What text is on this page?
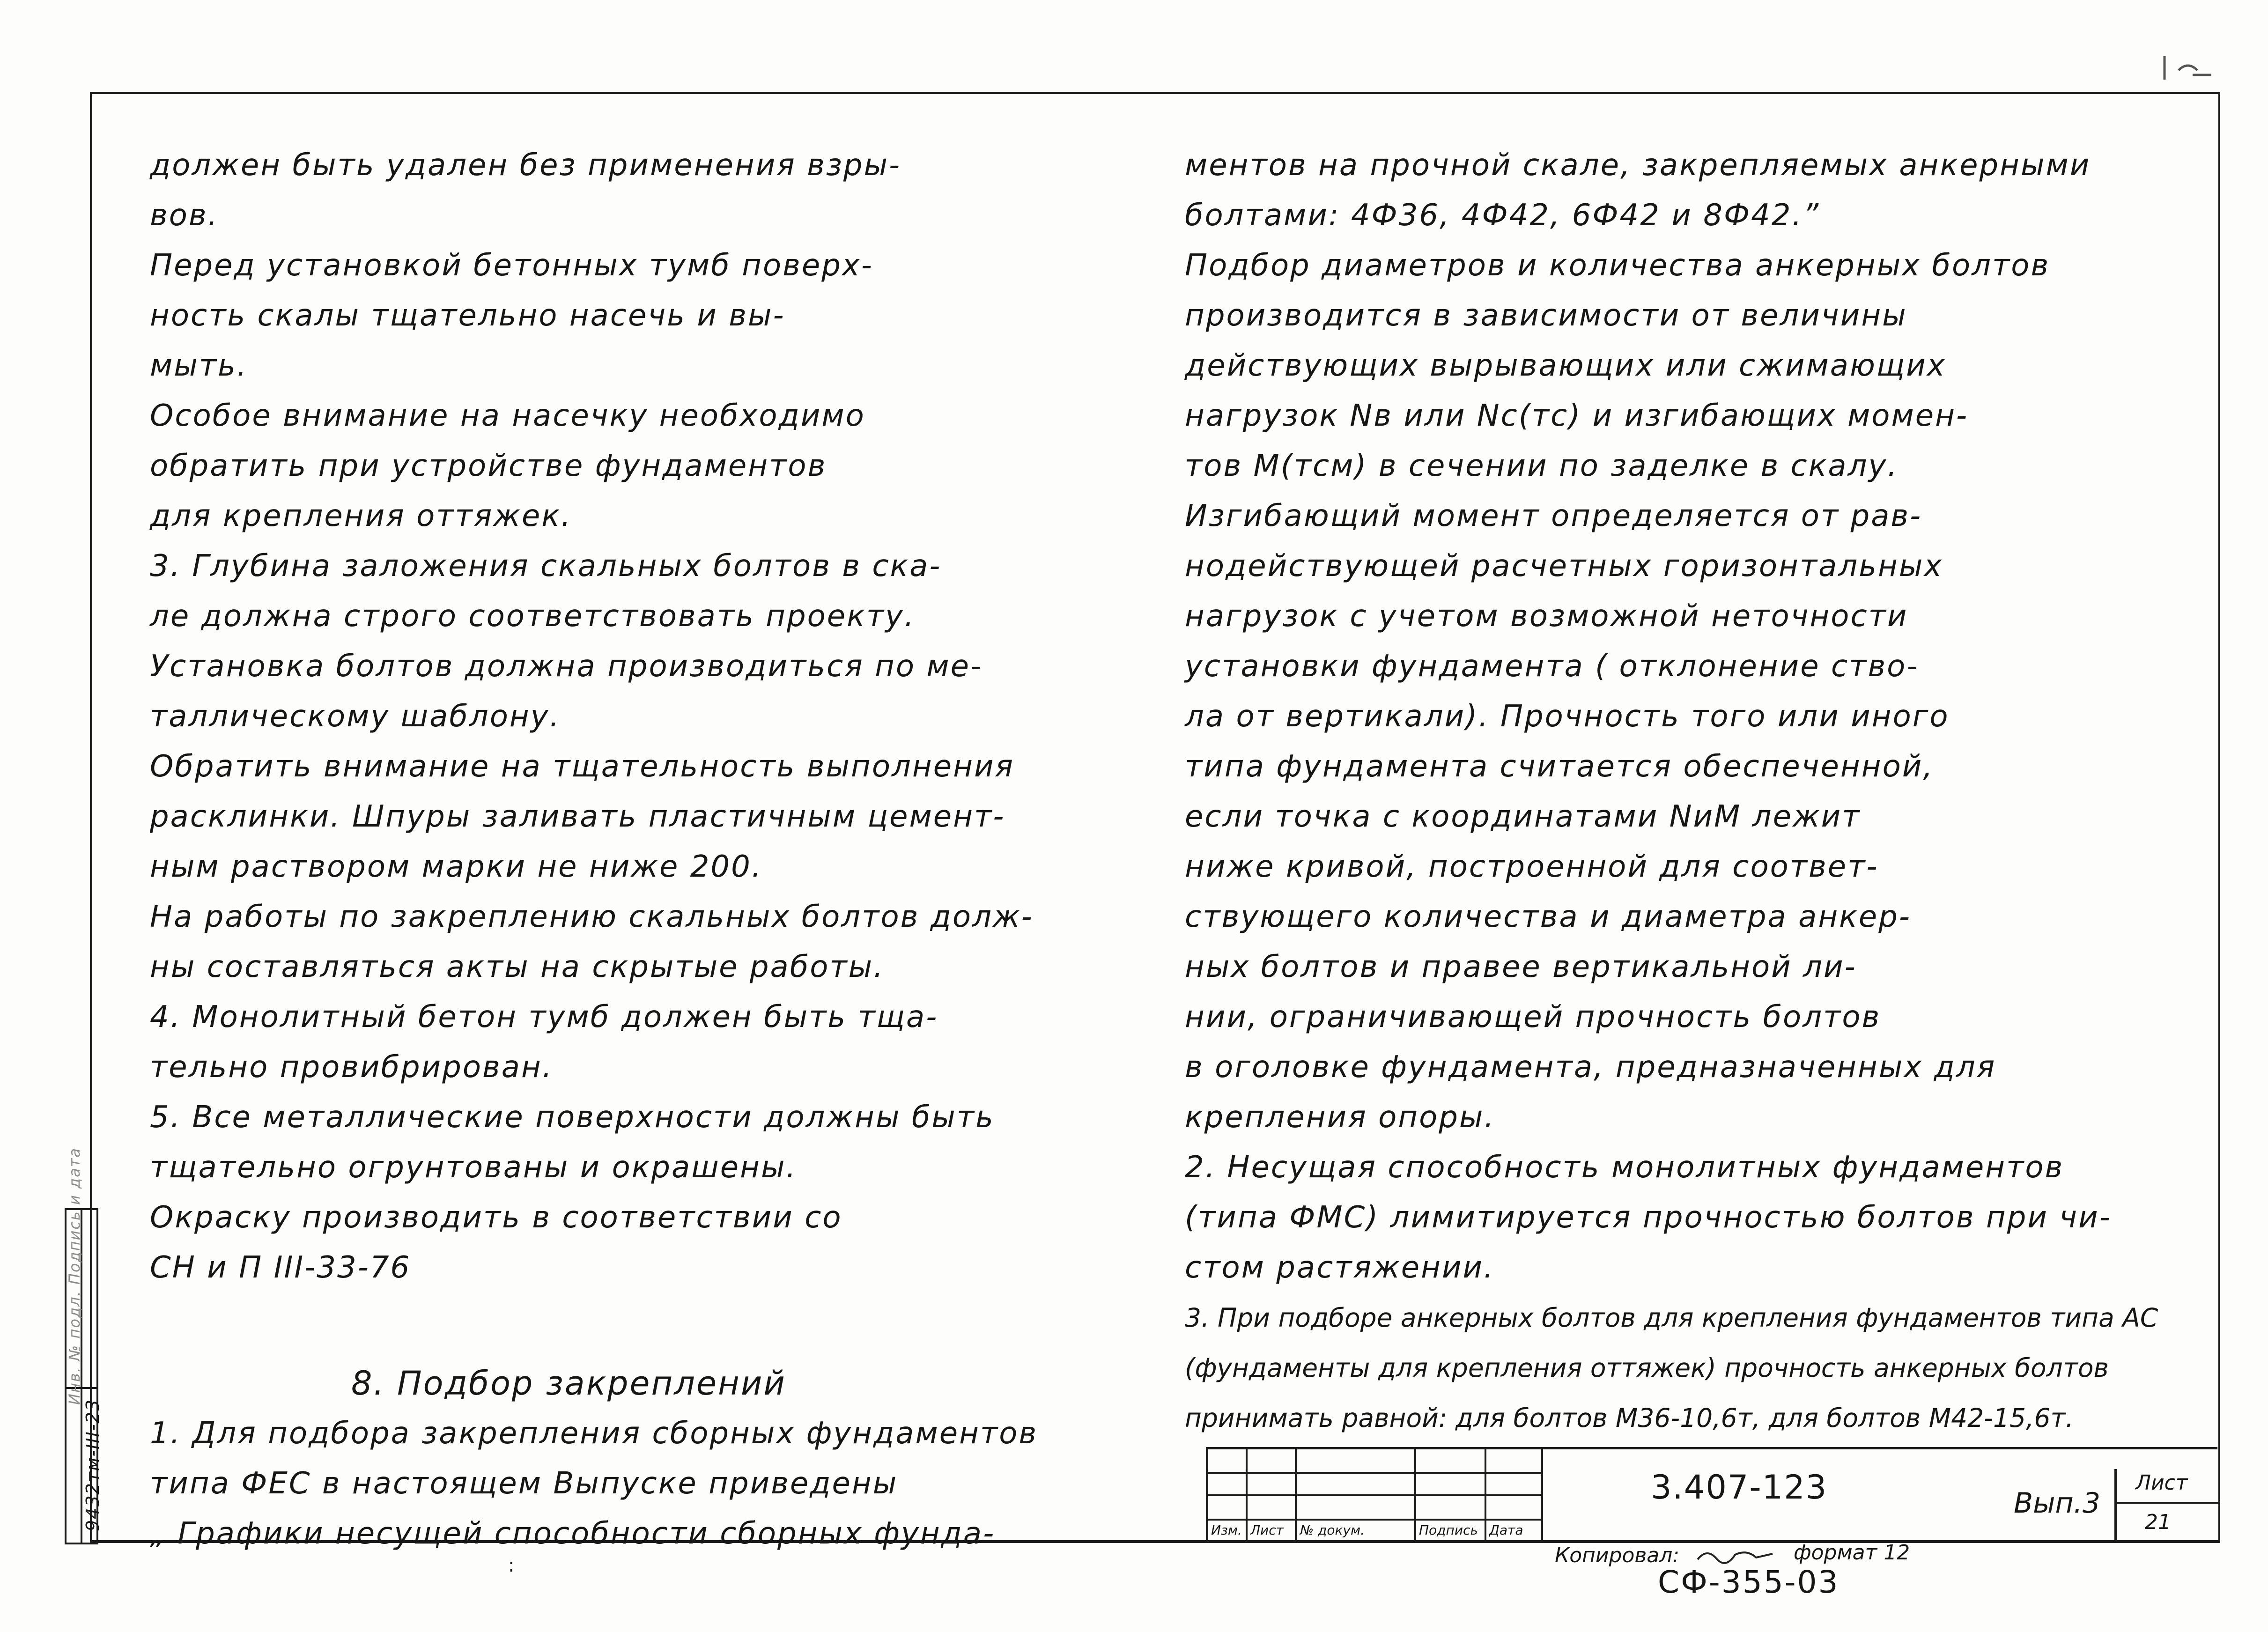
должен быть удален без применения взры-
вов.
Перед установкой бетонных тумб поверх-
ность скалы тщательно насечь и вы-
мыть.
Особое внимание на насечку необходимо
обратить при устройстве фундаментов
для крепления оттяжек.
3. Глубина заложения скальных болтов в ска-
ле должна строго соответствовать проекту.
Установка болтов должна производиться по ме-
таллическому шаблону.
Обратить внимание на тщательность выполнения
расклинки. Шпуры заливать пластичным цемент-
ным раствором марки не ниже 200.
На работы по закреплению скальных болтов долж-
ны составляться акты на скрытые работы.
4. Монолитный бетон тумб должен быть тща-
тельно провибрирован.
5. Все металлические поверхности должны быть
тщательно огрунтованы и окрашены.
Окраску производить в соответствии со
СН и П III-33-76
8. Подбор закреплений
1. Для подбора закрепления сборных фундаментов
типа ФЕС в настоящем Выпуске приведены
„ Графики несущей способности сборных фунда-
ментов на прочной скале, закрепляемых анкерными
болтами: 4Ф36, 4Ф42, 6Ф42 и 8Ф42.”
Подбор диаметров и количества анкерных болтов
производится в зависимости от величины
действующих вырывающих или сжимающих
нагрузок Nв или Nс(тс) и изгибающих момен-
тов М(тсм) в сечении по заделке в скалу.
Изгибающий момент определяется от рав-
нодействующей расчетных горизонтальных
нагрузок с учетом возможной неточности
установки фундамента ( отклонение ство-
ла от вертикали). Прочность того или иного
типа фундамента считается обеспеченной,
если точка с координатами NиМ лежит
ниже кривой, построенной для соответ-
ствующего количества и диаметра анкер-
ных болтов и правее вертикальной ли-
нии, ограничивающей прочность болтов
в оголовке фундамента, предназначенных для
крепления опоры.
2. Несущая способность монолитных фундаментов
(типа ФМС) лимитируется прочностью болтов при чи-
стом растяжении.
3. При подборе анкерных болтов для крепления фундаментов типа АС
(фундаменты для крепления оттяжек) прочность анкерных болтов
принимать равной: для болтов М36-10,6т, для болтов М42-15,6т.
9432тм-III-23
Инв. № подл. Подпись и дата
Изм. Лист № докум.	Подпись Дата
3.407-123	Вып.3
Лист
21
Копировал:	формат 12
СФ-355-03
:
